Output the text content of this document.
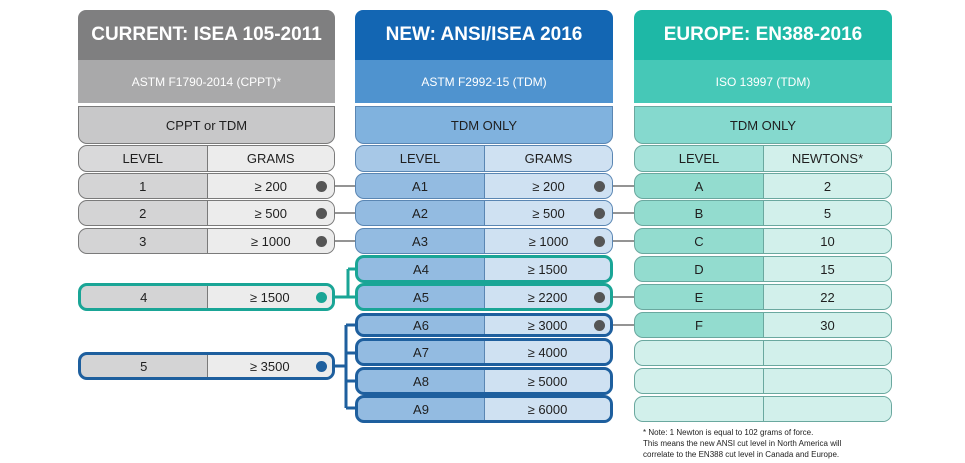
CURRENT: ISEA 105-2011
ASTM F1790-2014 (CPPT)*
CPPT or TDM
LEVEL	GRAMS
1	≥ 200
2	≥ 500
3	≥ 1000
4	≥ 1500
5	≥ 3500
NEW: ANSI/ISEA 2016
ASTM F2992-15 (TDM)
TDM ONLY
LEVEL	GRAMS
A1	≥ 200
A2	≥ 500
A3	≥ 1000
A4	≥ 1500
A5	≥ 2200
A6	≥ 3000
A7	≥ 4000
A8	≥ 5000
A9	≥ 6000
EUROPE: EN388-2016
ISO 13997 (TDM)
TDM ONLY
LEVEL	NEWTONS*
A	2
B	5
C	10
D	15
E	22
F	30
* Note: 1 Newton is equal to 102 grams of force.
This means the new ANSI cut level in North America will
correlate to the EN388 cut level in Canada and Europe.
